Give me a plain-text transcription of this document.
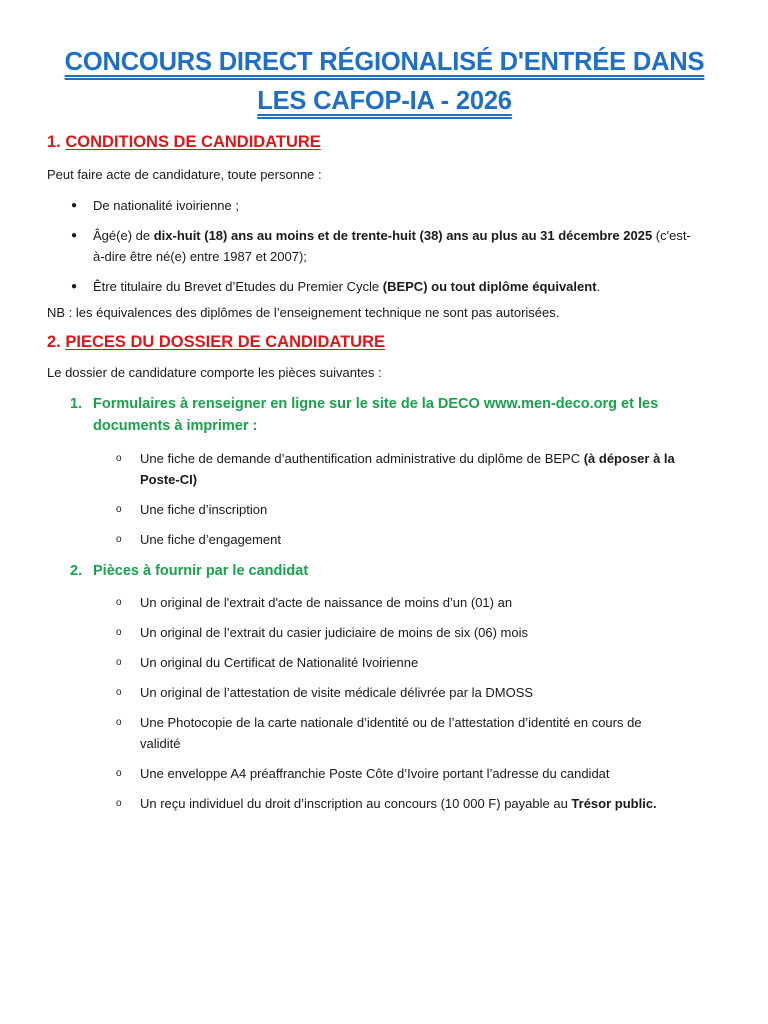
CONCOURS DIRECT RÉGIONALISÉ D'ENTRÉE DANS
LES CAFOP-IA - 2026
1. CONDITIONS DE CANDIDATURE

Peut faire acte de candidature, toute personne :

● De nationalité ivoirienne ;
● Âgé(e) de dix-huit (18) ans au moins et de trente-huit (38) ans au plus au 31 décembre 2025 (c'est-
à-dire être né(e) entre 1987 et 2007);
● Être titulaire du Brevet d’Etudes du Premier Cycle (BEPC) ou tout diplôme équivalent.

NB : les équivalences des diplômes de l’enseignement technique ne sont pas autorisées.

2. PIECES DU DOSSIER DE CANDIDATURE

Le dossier de candidature comporte les pièces suivantes :

1. Formulaires à renseigner en ligne sur le site de la DECO www.men-deco.org et les
documents à imprimer :
o Une fiche de demande d’authentification administrative du diplôme de BEPC (à déposer à la
Poste-CI)
o Une fiche d’inscription
o Une fiche d’engagement
2. Pièces à fournir par le candidat
o Un original de l'extrait d'acte de naissance de moins d’un (01) an
o Un original de l’extrait du casier judiciaire de moins de six (06) mois
o Un original du Certificat de Nationalité Ivoirienne
o Un original de l’attestation de visite médicale délivrée par la DMOSS
o Une Photocopie de la carte nationale d’identité ou de l’attestation d’identité en cours de
validité
o Une enveloppe A4 préaffranchie Poste Côte d’Ivoire portant l’adresse du candidat
o Un reçu individuel du droit d’inscription au concours (10 000 F) payable au Trésor public.
